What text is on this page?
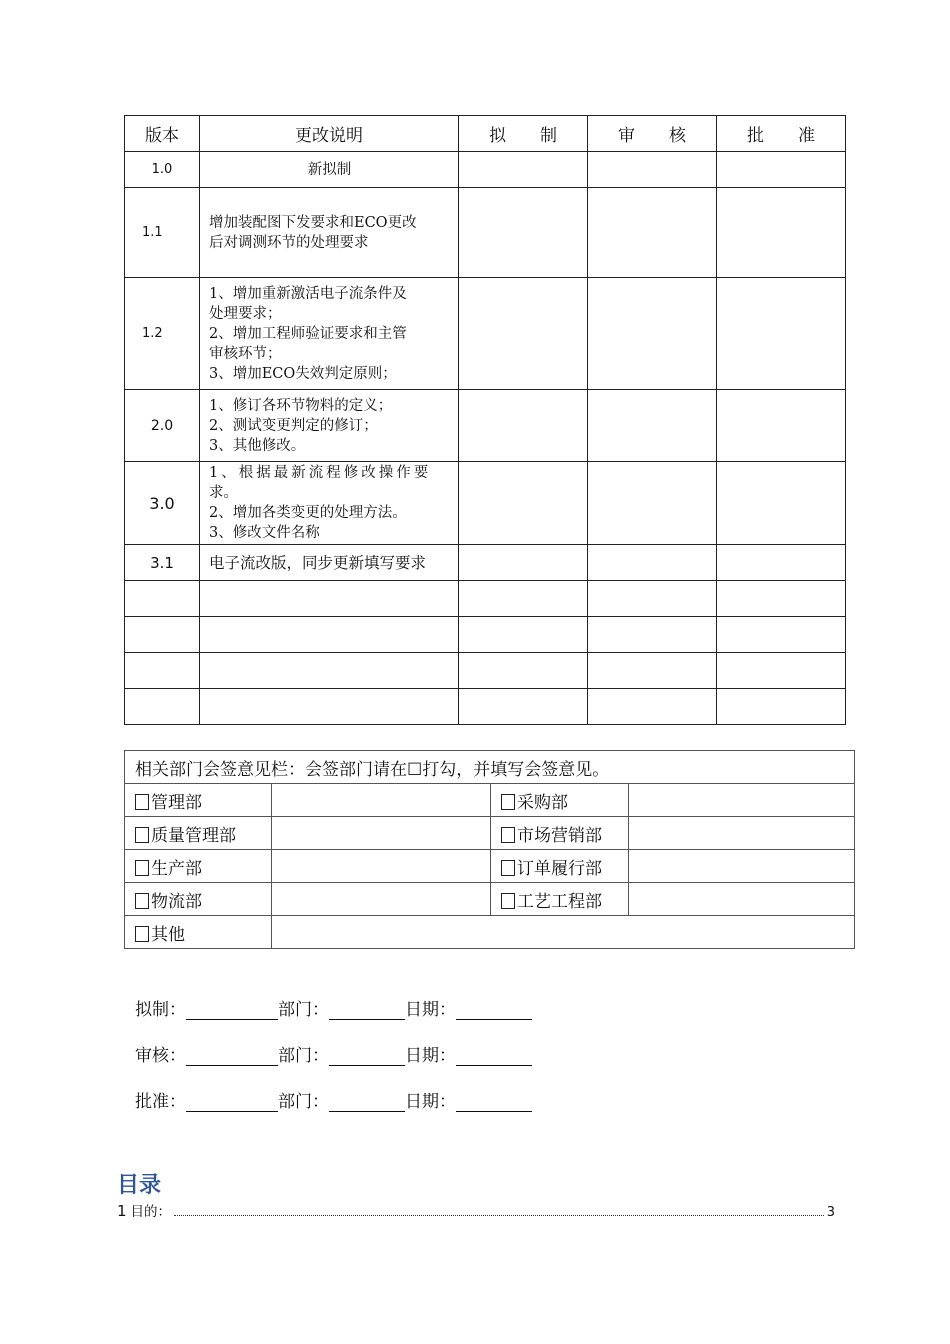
版本	更改说明	拟　　制	审　　核	批　　准
1.0	新拟制			

1.1	增加装配图下发要求和ECO更改
后对调测环节的处理要求			

1.2	1、增加重新激活电子流条件及
处理要求；
2、增加工程师验证要求和主管
审核环节；
3、增加ECO失效判定原则；			

2.0	1、修订各环节物料的定义；
2、测试变更判定的修订；
3、其他修改。			

3.0	1、根据最新流程修改操作要
求。
2、增加各类变更的处理方法。
3、修改文件名称			

3.1	电子流改版，同步更新填写要求			

相关部门会签意见栏：会签部门请在☐打勾，并填写会签意见。			
管理部		采购部	
质量管理部		市场营销部	
生产部		订单履行部	
物流部		工艺工程部	
其他			
拟制：	部门：	日期：
审核：	部门：	日期：
批准：	部门：	日期：
目录
1 目的：	3
